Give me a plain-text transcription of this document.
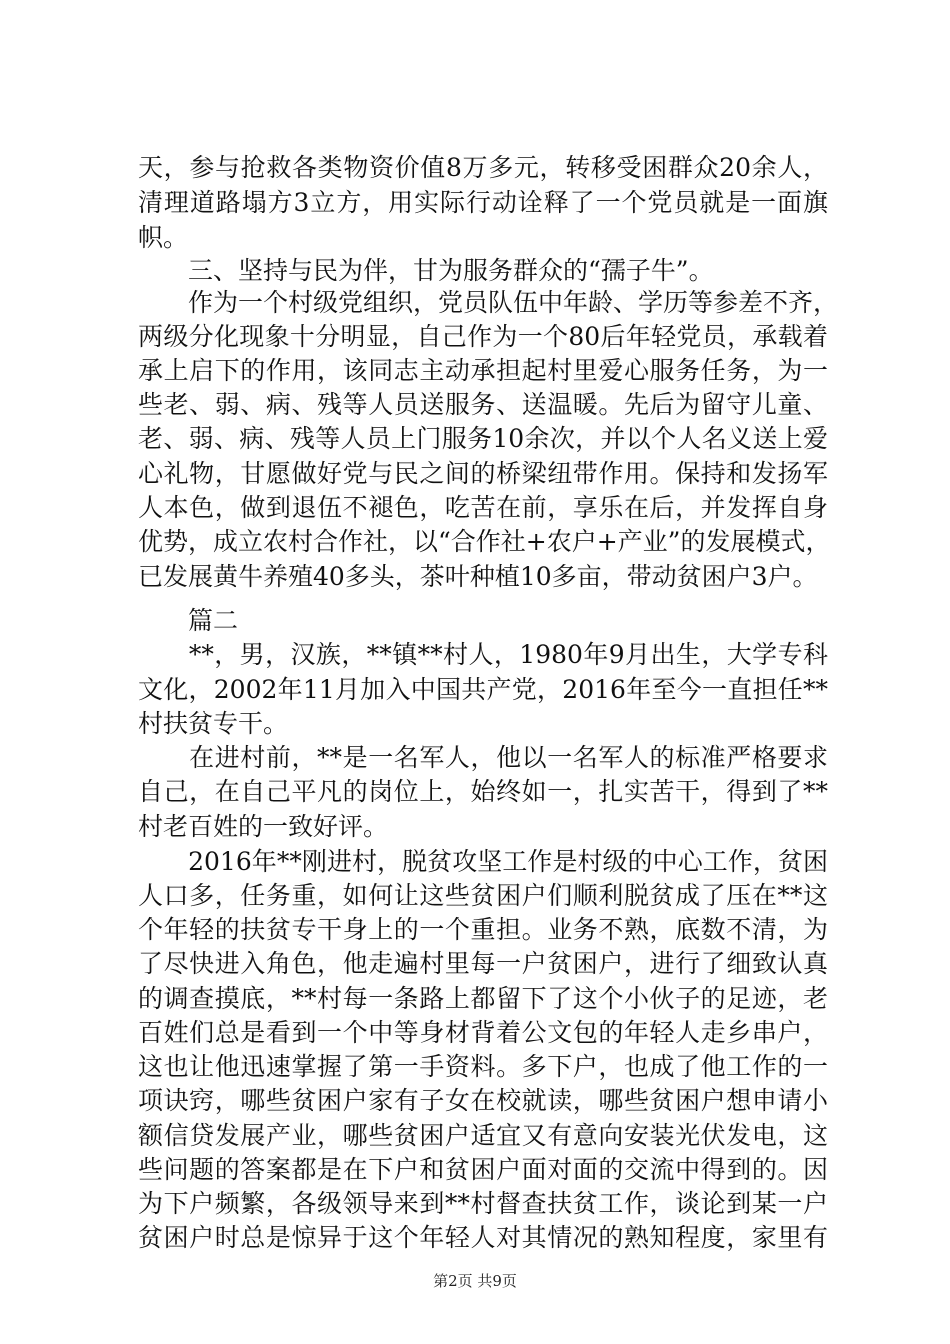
天，参与抢救各类物资价值8万多元，转移受困群众20余人，
清理道路塌方3立方，用实际行动诠释了一个党员就是一面旗
帜。
　　三、坚持与民为伴，甘为服务群众的“孺子牛”。
　　作为一个村级党组织，党员队伍中年龄、学历等参差不齐，
两级分化现象十分明显，自己作为一个80后年轻党员，承载着
承上启下的作用，该同志主动承担起村里爱心服务任务，为一
些老、弱、病、残等人员送服务、送温暖。先后为留守儿童、
老、弱、病、残等人员上门服务10余次，并以个人名义送上爱
心礼物，甘愿做好党与民之间的桥梁纽带作用。保持和发扬军
人本色，做到退伍不褪色，吃苦在前，享乐在后，并发挥自身
优势，成立农村合作社，以“合作社+农户+产业”的发展模式，
已发展黄牛养殖40多头，茶叶种植10多亩，带动贫困户3户。
　　篇二
　　**，男，汉族，**镇**村人，1980年9月出生，大学专科
文化，2002年11月加入中国共产党，2016年至今一直担任**
村扶贫专干。
　　在进村前，**是一名军人，他以一名军人的标准严格要求
自己，在自己平凡的岗位上，始终如一，扎实苦干，得到了**
村老百姓的一致好评。
　　2016年**刚进村，脱贫攻坚工作是村级的中心工作，贫困
人口多，任务重，如何让这些贫困户们顺利脱贫成了压在**这
个年轻的扶贫专干身上的一个重担。业务不熟，底数不清，为
了尽快进入角色，他走遍村里每一户贫困户，进行了细致认真
的调查摸底，**村每一条路上都留下了这个小伙子的足迹，老
百姓们总是看到一个中等身材背着公文包的年轻人走乡串户，
这也让他迅速掌握了第一手资料。多下户，也成了他工作的一
项诀窍，哪些贫困户家有子女在校就读，哪些贫困户想申请小
额信贷发展产业，哪些贫困户适宜又有意向安装光伏发电，这
些问题的答案都是在下户和贫困户面对面的交流中得到的。因
为下户频繁，各级领导来到**村督查扶贫工作，谈论到某一户
贫困户时总是惊异于这个年轻人对其情况的熟知程度，家里有
第2页 共9页
